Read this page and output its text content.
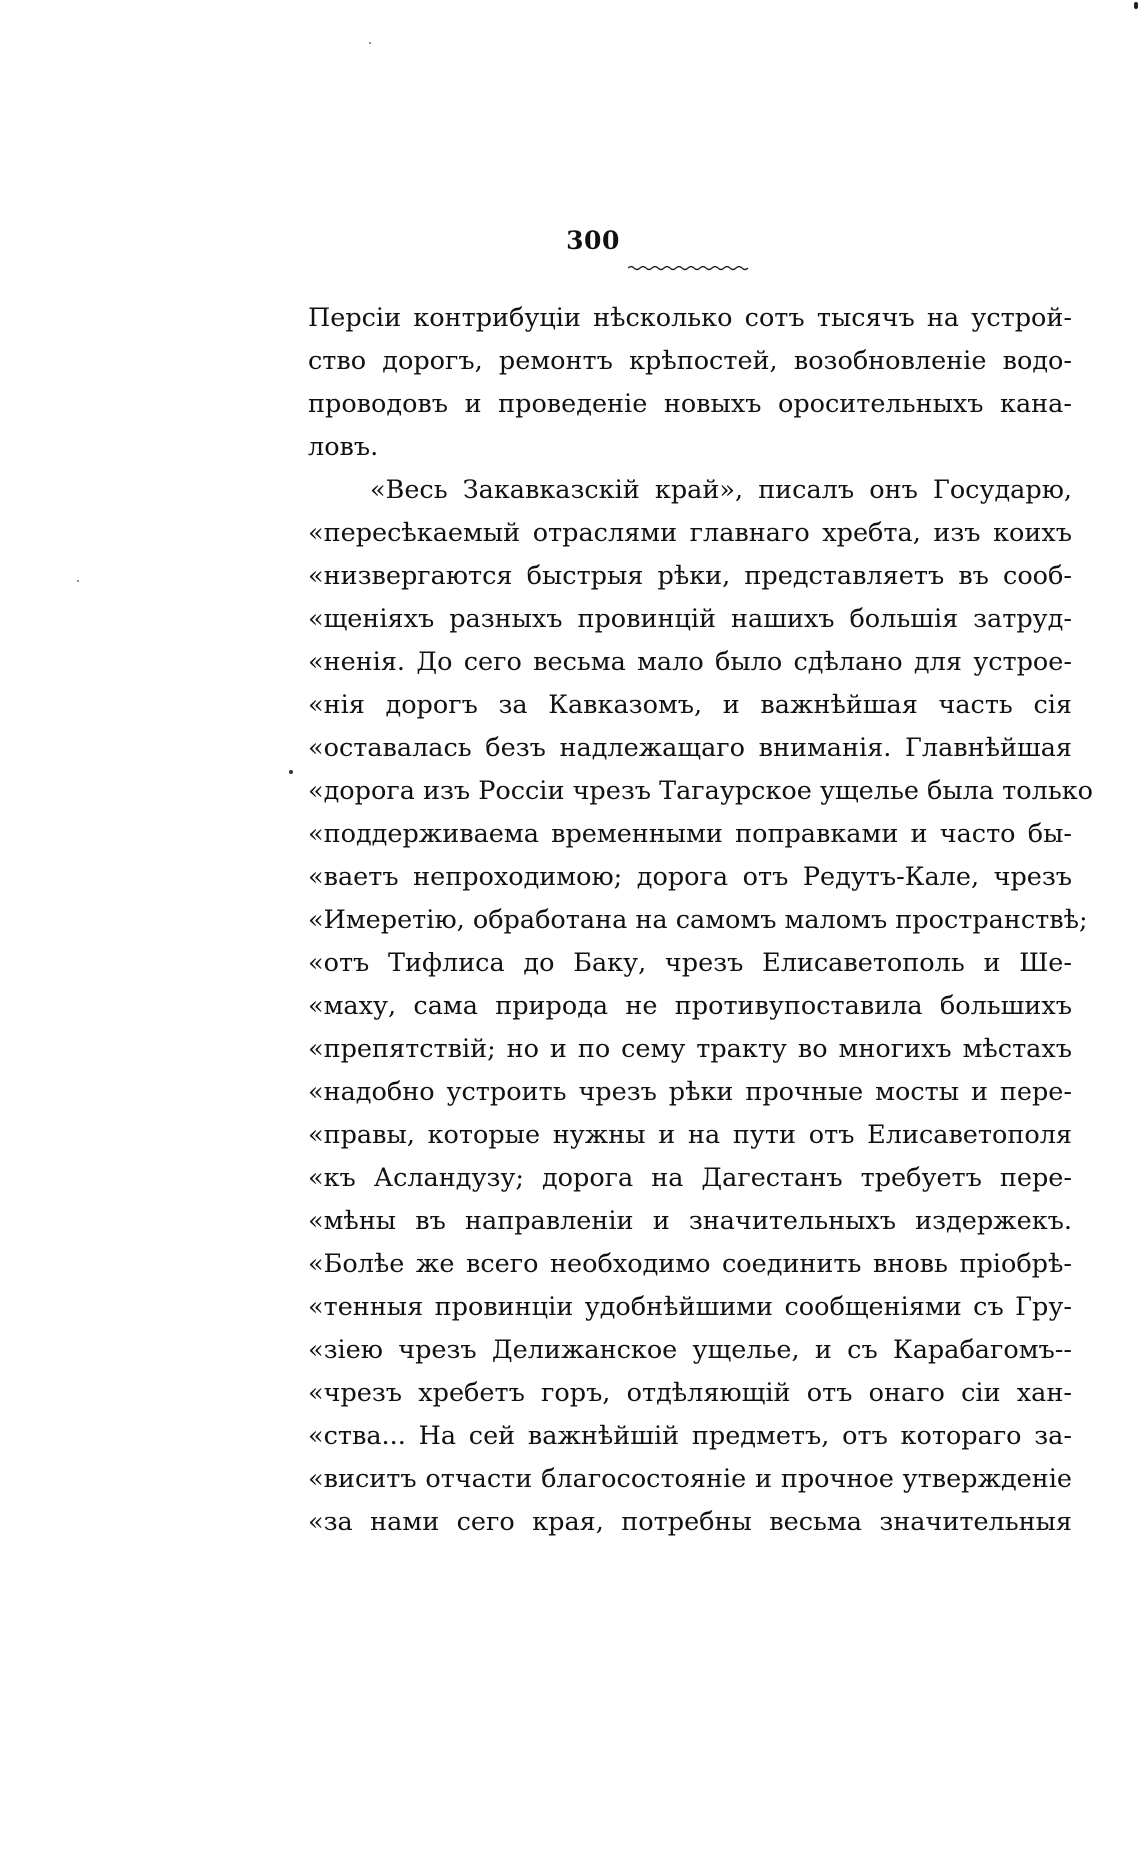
300
Персіи контрибуціи нѣсколько сотъ тысячъ на устрой-
ство дорогъ, ремонтъ крѣпостей, возобновленіе водо-
проводовъ и проведеніе новыхъ оросительныхъ кана-
ловъ.
«Весь Закавказскій край», писалъ онъ Государю,
«пересѣкаемый отраслями главнаго хребта, изъ коихъ
«низвергаются быстрыя рѣки, представляетъ въ сооб-
«щеніяхъ разныхъ провинцій нашихъ большія затруд-
«ненія. До сего весьма мало было сдѣлано для устрое-
«нія дорогъ за Кавказомъ, и важнѣйшая часть сія
«оставалась безъ надлежащаго вниманія. Главнѣйшая
«дорога изъ Россіи чрезъ Тагаурское ущелье была только
«поддерживаема временными поправками и часто бы-
«ваетъ непроходимою; дорога отъ Редутъ-Кале, чрезъ
«Имеретію, обработана на самомъ маломъ пространствѣ;
«отъ Тифлиса до Баку, чрезъ Елисаветополь и Ше-
«маху, сама природа не противупоставила большихъ
«препятствій; но и по сему тракту во многихъ мѣстахъ
«надобно устроить чрезъ рѣки прочные мосты и пере-
«правы, которые нужны и на пути отъ Елисаветополя
«къ Асландузу; дорога на Дагестанъ требуетъ пере-
«мѣны въ направленіи и значительныхъ издержекъ.
«Болѣе же всего необходимо соединить вновь пріобрѣ-
«тенныя провинціи удобнѣйшими сообщеніями съ Гру-
«зіею чрезъ Делижанское ущелье, и съ Карабагомъ--
«чрезъ хребетъ горъ, отдѣляющій отъ онаго сіи хан-
«ства... На сей важнѣйшій предметъ, отъ котораго за-
«виситъ отчасти благосостояніе и прочное утвержденіе
«за нами сего края, потребны весьма значительныя
